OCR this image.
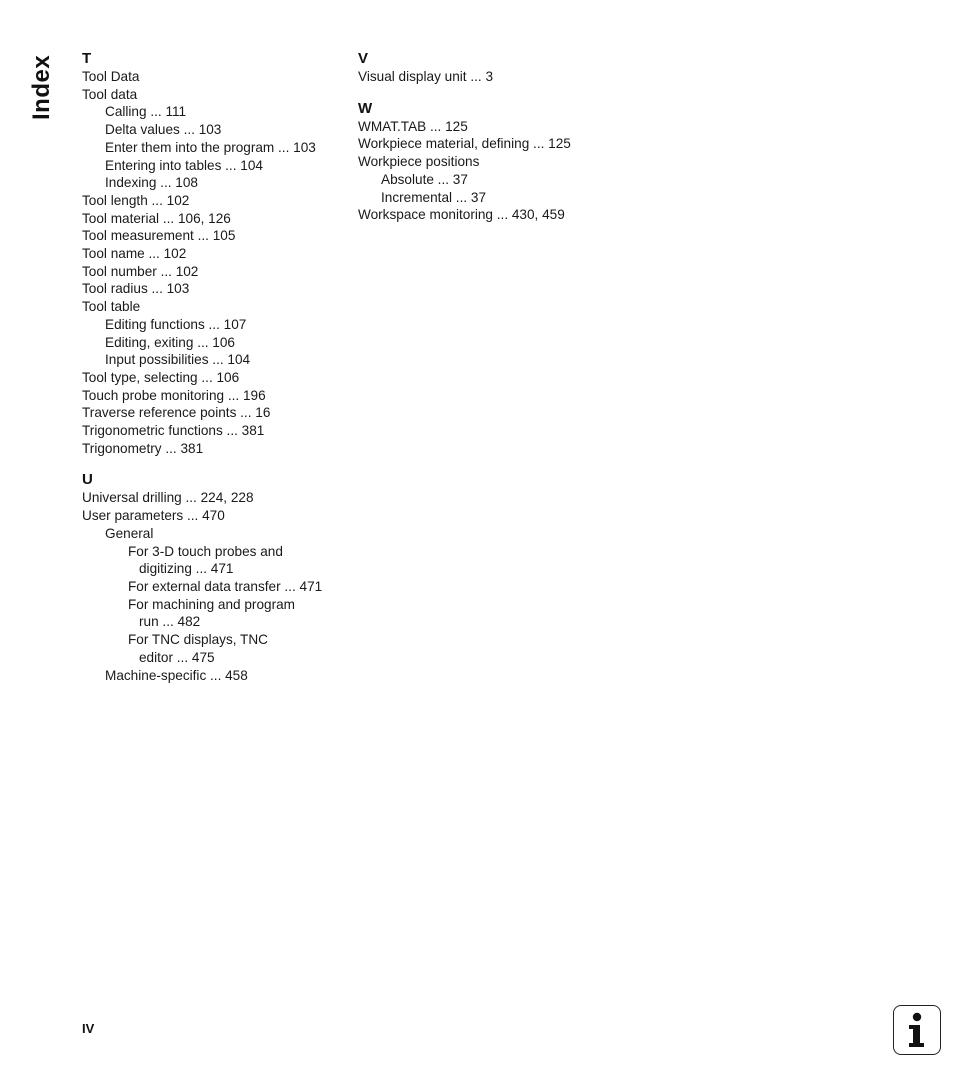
Index T
Tool Data
Tool data
Calling ... 111
Delta values ... 103
Enter them into the program ... 103
Entering into tables ... 104
Indexing ... 108
Tool length ... 102
Tool material ... 106, 126
Tool measurement ... 105
Tool name ... 102
Tool number ... 102
Tool radius ... 103
Tool table
Editing functions ... 107
Editing, exiting ... 106
Input possibilities ... 104
Tool type, selecting ... 106
Touch probe monitoring ... 196
Traverse reference points ... 16
Trigonometric functions ... 381
Trigonometry ... 381
U
Universal drilling ... 224, 228
User parameters ... 470
General
For 3-D touch probes and
digitizing ... 471
For external data transfer ... 471
For machining and program
run ... 482
For TNC displays, TNC
editor ... 475
Machine-specific ... 458
V
Visual display unit ... 3
W
WMAT.TAB ... 125
Workpiece material, defining ... 125
Workpiece positions
Absolute ... 37
Incremental ... 37
Workspace monitoring ... 430, 459
IV
